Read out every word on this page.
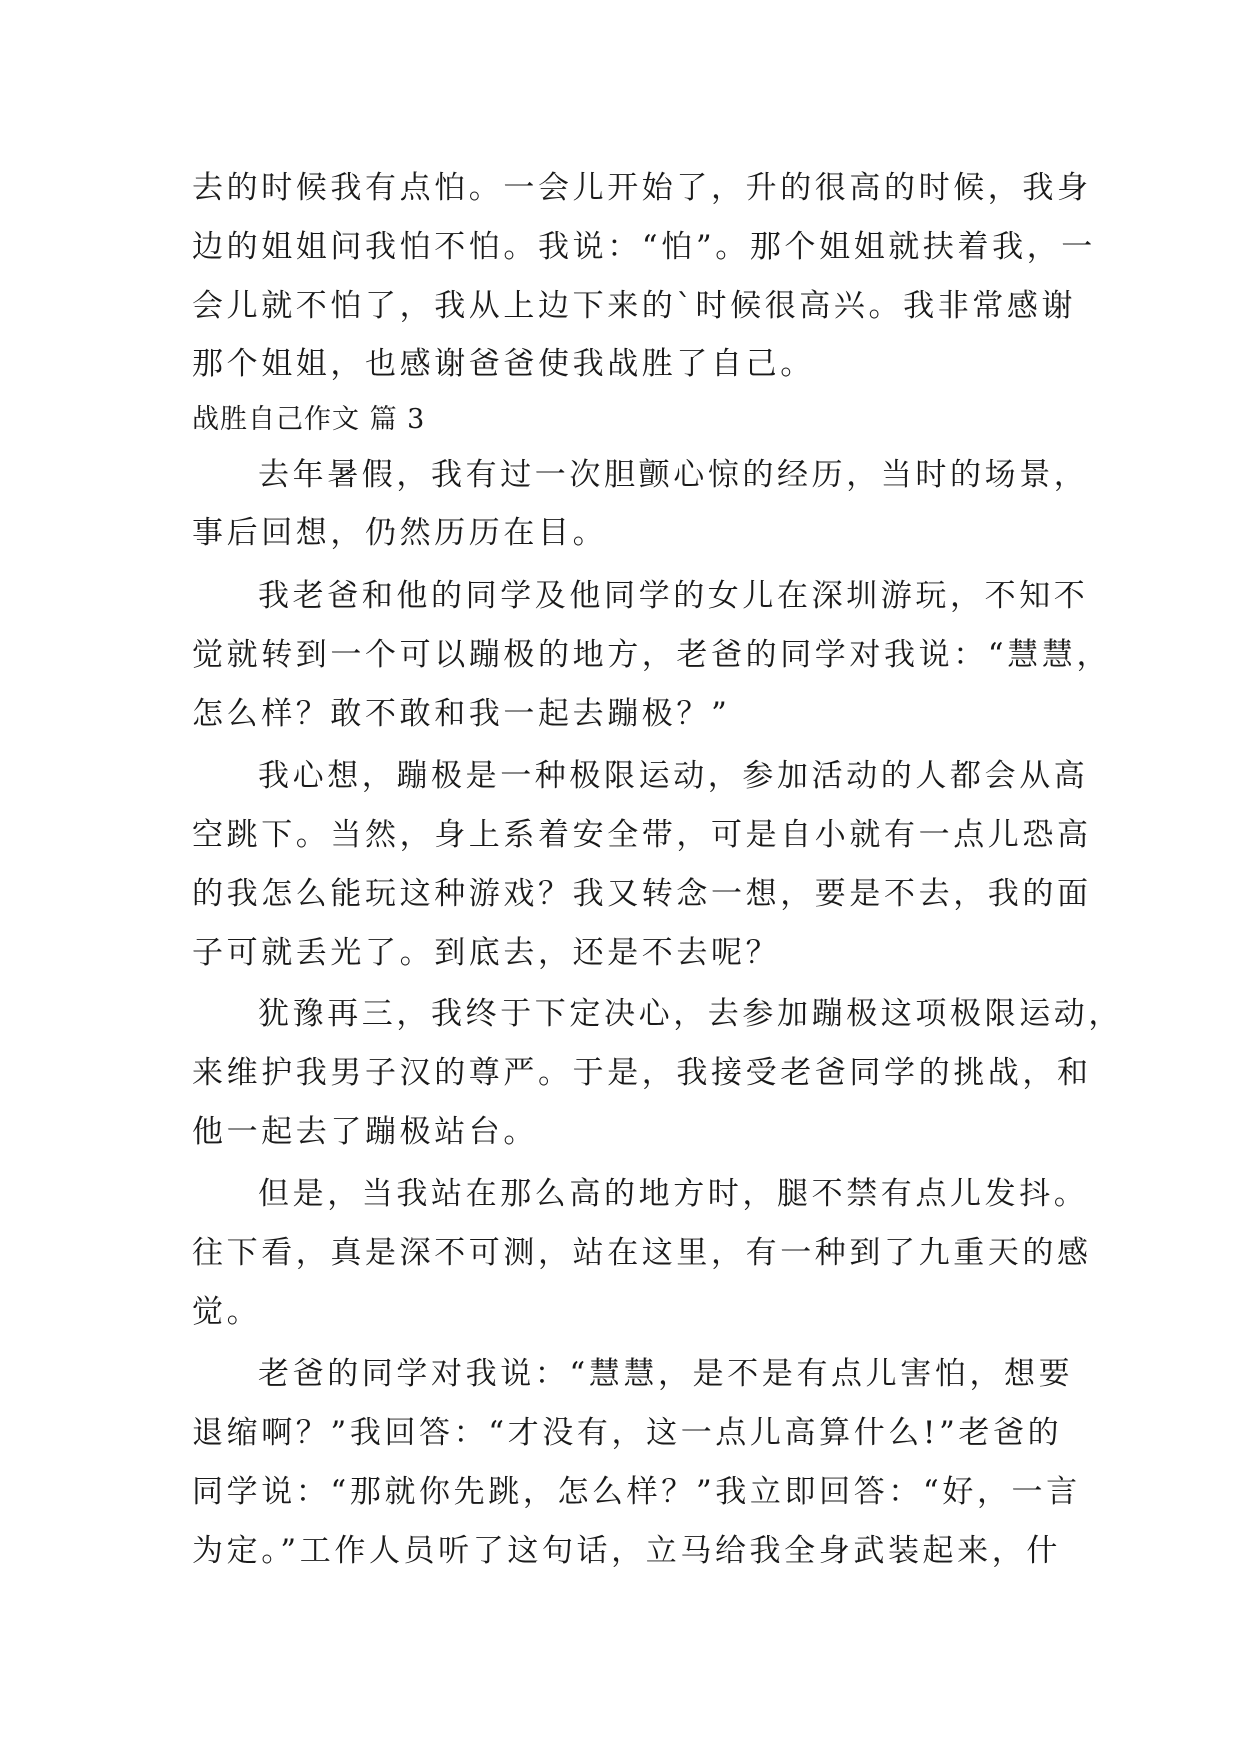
去的时候我有点怕。一会儿开始了，升的很高的时候，我身
边的姐姐问我怕不怕。我说：“怕”。那个姐姐就扶着我，一
会儿就不怕了，我从上边下来的`时候很高兴。我非常感谢
那个姐姐，也感谢爸爸使我战胜了自己。
战胜自己作文 篇 3
去年暑假，我有过一次胆颤心惊的经历，当时的场景，
事后回想，仍然历历在目。
我老爸和他的同学及他同学的女儿在深圳游玩，不知不
觉就转到一个可以蹦极的地方，老爸的同学对我说：“慧慧，
怎么样？敢不敢和我一起去蹦极？”
我心想，蹦极是一种极限运动，参加活动的人都会从高
空跳下。当然，身上系着安全带，可是自小就有一点儿恐高
的我怎么能玩这种游戏？我又转念一想，要是不去，我的面
子可就丢光了。到底去，还是不去呢？
犹豫再三，我终于下定决心，去参加蹦极这项极限运动，
来维护我男子汉的尊严。于是，我接受老爸同学的挑战，和
他一起去了蹦极站台。
但是，当我站在那么高的地方时，腿不禁有点儿发抖。
往下看，真是深不可测，站在这里，有一种到了九重天的感
觉。
老爸的同学对我说：“慧慧，是不是有点儿害怕，想要
退缩啊？”我回答：“才没有，这一点儿高算什么!”老爸的
同学说：“那就你先跳，怎么样？”我立即回答：“好，一言
为定。”工作人员听了这句话，立马给我全身武装起来，什
